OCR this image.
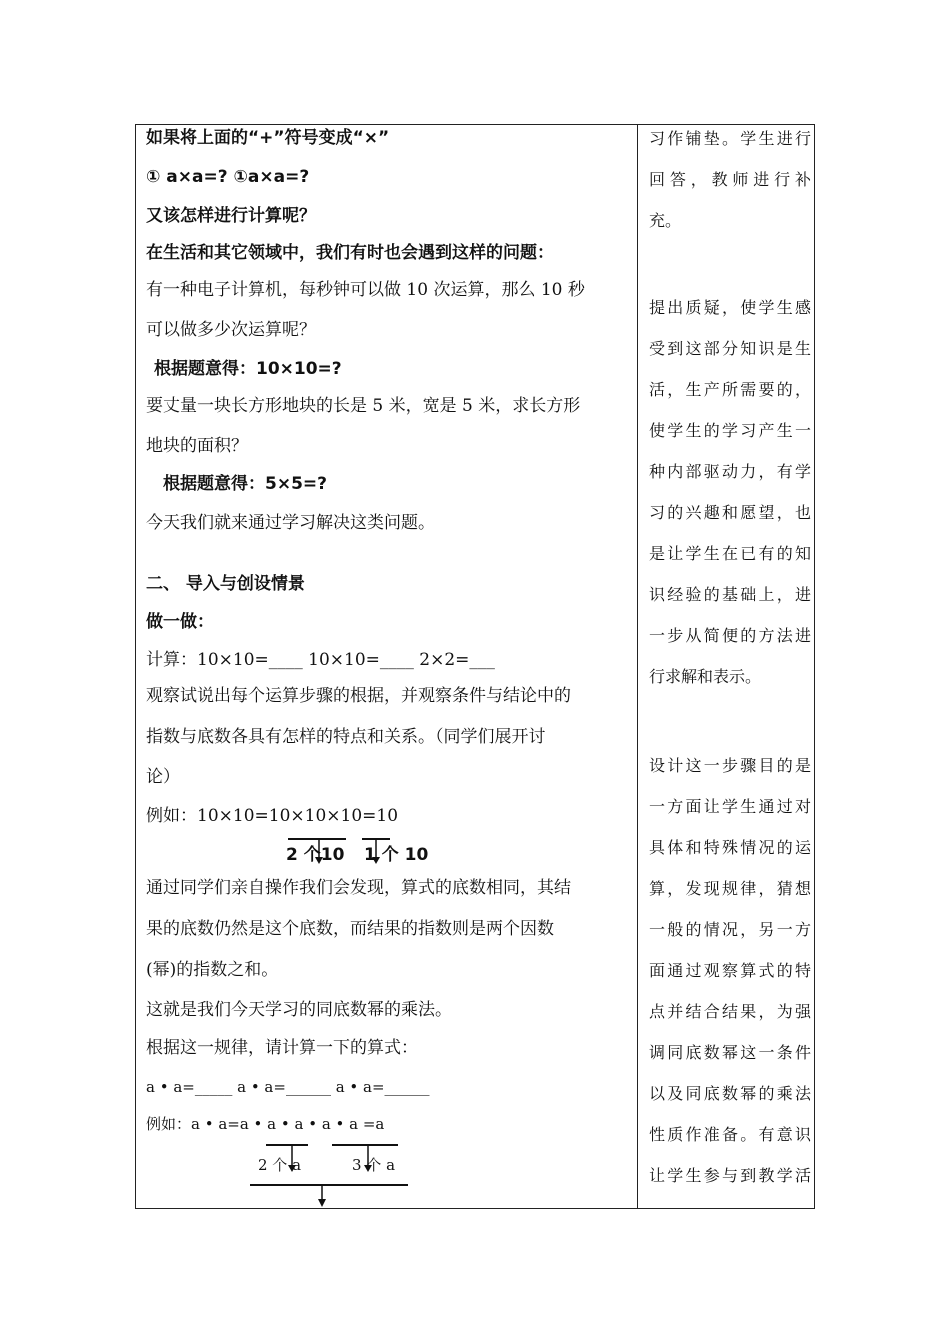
如果将上面的“+”符号变成“×”
① a×a=? ①a×a=?
又该怎样进行计算呢？
在生活和其它领域中，我们有时也会遇到这样的问题：
有一种电子计算机，每秒钟可以做 10 次运算，那么 10 秒
可以做多少次运算呢？
根据题意得：10×10=?
要丈量一块长方形地块的长是 5 米，宽是 5 米，求长方形
地块的面积？
根据题意得：5×5=?
今天我们就来通过学习解决这类问题。
二、 导入与创设情景
做一做：
计算：10×10=____ 10×10=____ 2×2=___
观察试说出每个运算步骤的根据，并观察条件与结论中的
指数与底数各具有怎样的特点和关系。（同学们展开讨
论）
例如：10×10=10×10×10=10
2 个10 1 个 10
通过同学们亲自操作我们会发现，算式的底数相同，其结
果的底数仍然是这个底数，而结果的指数则是两个因数
(幂)的指数之和。
这就是我们今天学习的同底数幂的乘法。
根据这一规律，请计算一下的算式：
a • a=_____ a • a=______ a • a=______
例如：a • a=a • a • a • a • a =a
2 个 a	3 个 a
习作铺垫。学生进行
回答，教师进行补
充。
提出质疑，使学生感
受到这部分知识是生
活，生产所需要的，
使学生的学习产生一
种内部驱动力，有学
习的兴趣和愿望，也
是让学生在已有的知
识经验的基础上，进
一步从简便的方法进
行求解和表示。
设计这一步骤目的是
一方面让学生通过对
具体和特殊情况的运
算，发现规律，猜想
一般的情况，另一方
面通过观察算式的特
点并结合结果，为强
调同底数幂这一条件
以及同底数幂的乘法
性质作准备。有意识
让学生参与到教学活
